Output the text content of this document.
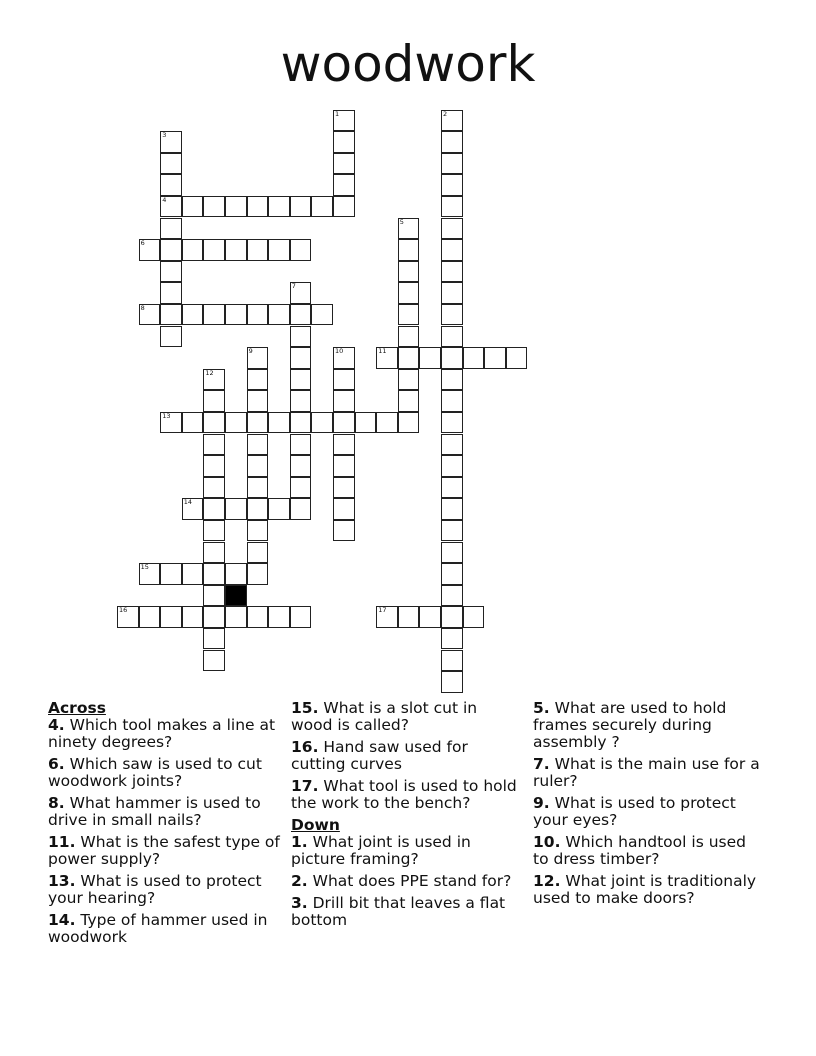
woodwork
1	2
3
4
5
6
7
8
9	10	11
12
13
14
15
16	17
Across
4. Which tool makes a line at ninety degrees?
6. Which saw is used to cut woodwork joints?
8. What hammer is used to drive in small nails?
11. What is the safest type of power supply?
13. What is used to protect your hearing?
14. Type of hammer used in woodwork
15. What is a slot cut in wood is called?
16. Hand saw used for cutting curves
17. What tool is used to hold the work to the bench?
Down
1. What joint is used in picture framing?
2. What does PPE stand for?
3. Drill bit that leaves a flat bottom
5. What are used to hold frames securely during assembly ?
7. What is the main use for a ruler?
9. What is used to protect your eyes?
10. Which handtool is used to dress timber?
12. What joint is traditionaly used to make doors?
